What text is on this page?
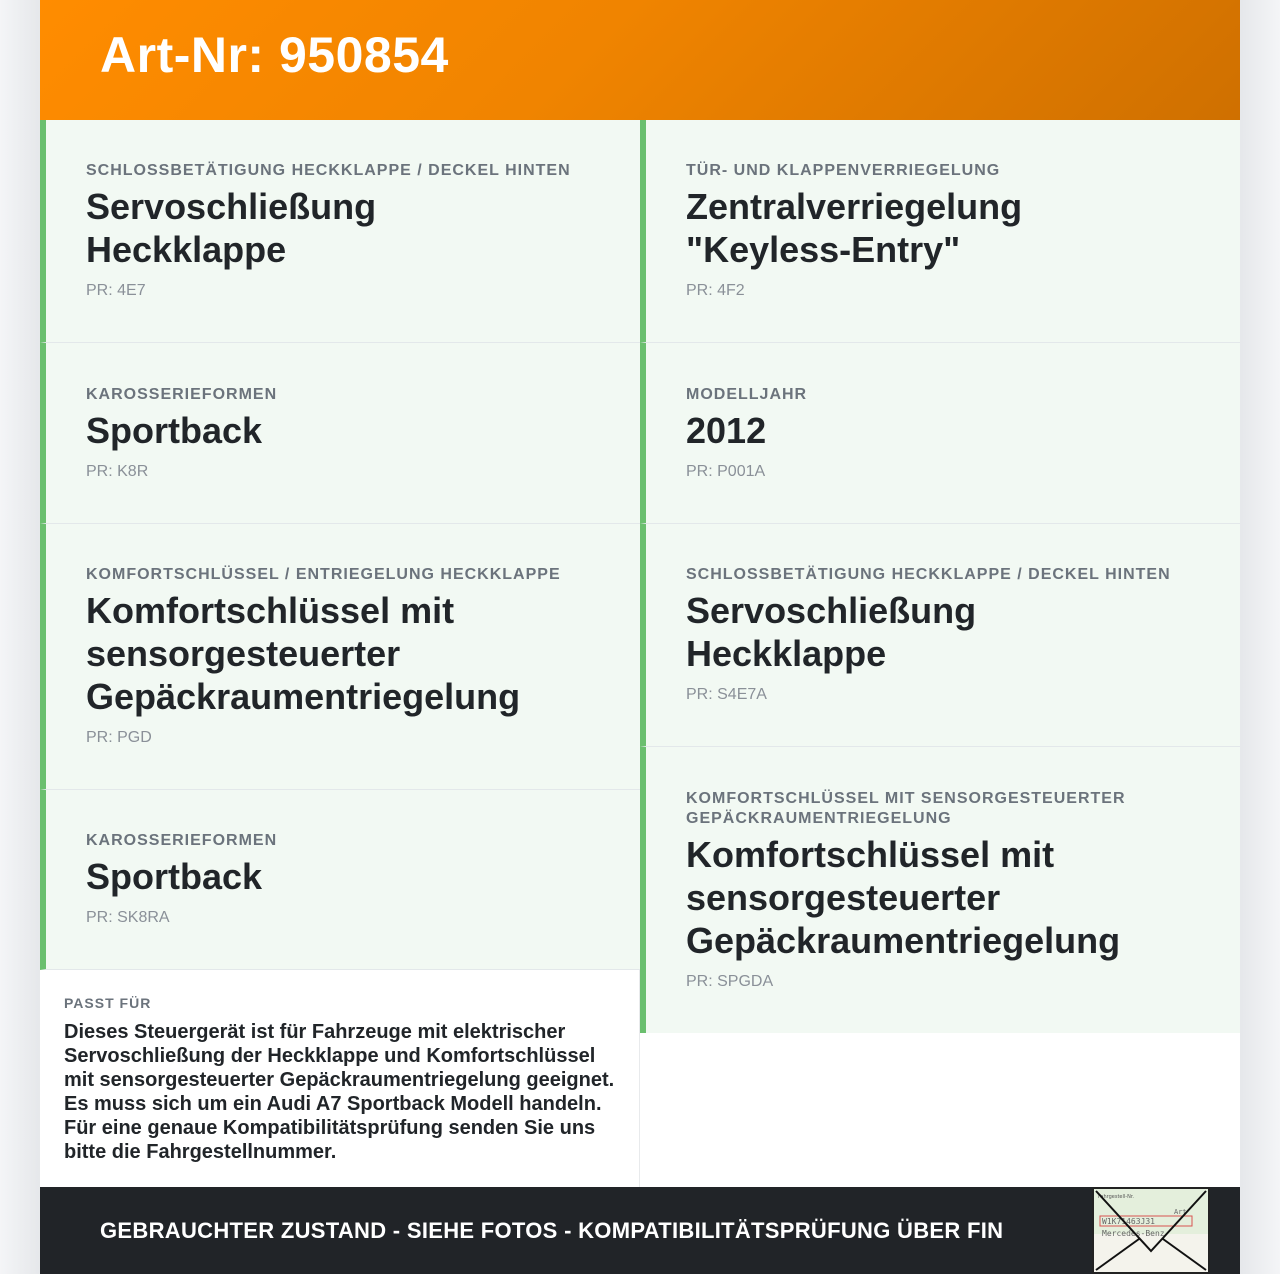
Art-Nr: 950854
SCHLOSSBETÄTIGUNG HECKKLAPPE / DECKEL HINTEN
Servoschließung Heckklappe
PR: 4E7
KAROSSERIEFORMEN
Sportback
PR: K8R
KOMFORTSCHLÜSSEL / ENTRIEGELUNG HECKKLAPPE
Komfortschlüssel mit sensorgesteuerter Gepäckraumentriegelung
PR: PGD
KAROSSERIEFORMEN
Sportback
PR: SK8RA
PASST FÜR
Dieses Steuergerät ist für Fahrzeuge mit elektrischer Servoschließung der Heckklappe und Komfortschlüssel mit sensorgesteuerter Gepäckraumentriegelung geeignet. Es muss sich um ein Audi A7 Sportback Modell handeln. Für eine genaue Kompatibilitätsprüfung senden Sie uns bitte die Fahrgestellnummer.
TÜR- UND KLAPPENVERRIEGELUNG
Zentralverriegelung "Keyless-Entry"
PR: 4F2
MODELLJAHR
2012
PR: P001A
SCHLOSSBETÄTIGUNG HECKKLAPPE / DECKEL HINTEN
Servoschließung Heckklappe
PR: S4E7A
KOMFORTSCHLÜSSEL MIT SENSORGESTEUERTER GEPÄCKRAUMENTRIEGELUNG
Komfortschlüssel mit sensorgesteuerter Gepäckraumentriegelung
PR: SPGDA
GEBRAUCHTER ZUSTAND - SIEHE FOTOS - KOMPATIBILITÄTSPRÜFUNG ÜBER FIN
Fahrgestell-Nr.
Art
W1K71463J31
Mercedes-Benz
